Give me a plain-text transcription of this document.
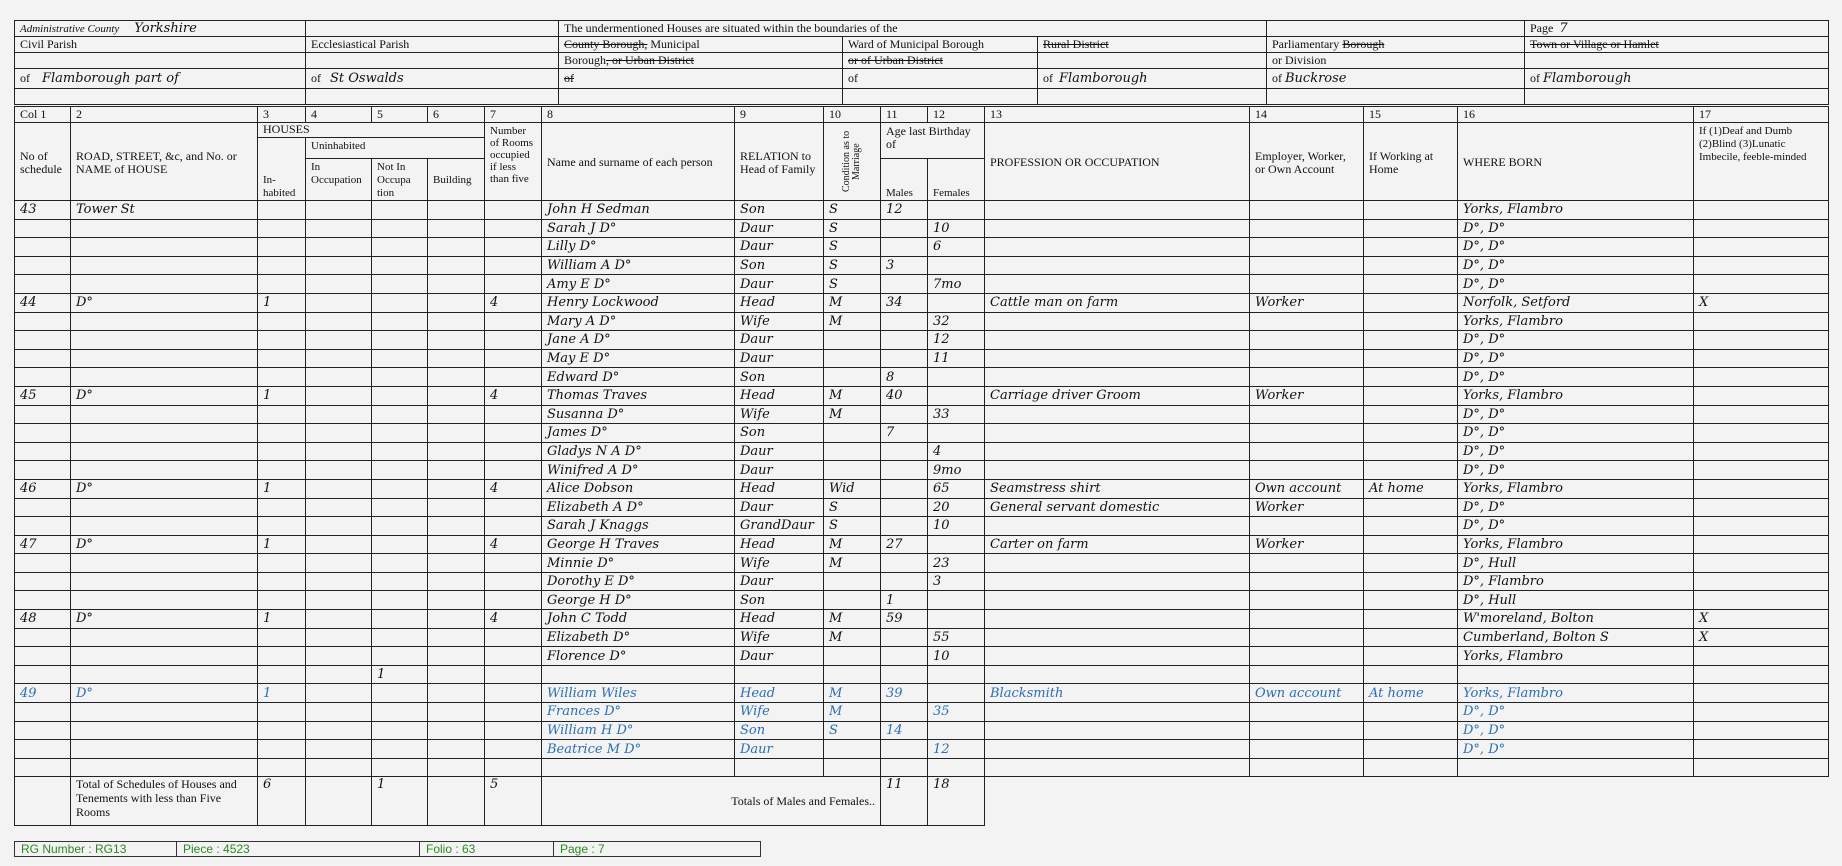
Administrative County Yorkshire		The undermentioned Houses are situated within the boundaries of the				Page 7
Civil Parish	Ecclesiastical Parish	County Borough, Municipal	Ward of Municipal Borough	Rural District	Parliamentary Borough	Town or Village or Hamlet
		Borough, or Urban District	or of Urban District		or Division	
of Flamborough part of	of St Oswalds	of	of	of Flamborough	of Buckrose	of Flamborough

Col 1	2	3	4	5	6	7	8	9	10	11	12	13	14	15	16	17
No of schedule	ROAD, STREET, &c, and No. or NAME of HOUSE	HOUSES				Number of Rooms occupied if less than five	Name and surname of each person	RELATION to Head of Family	Condition as to Marriage	Age last Birthday of		PROFESSION OR OCCUPATION	Employer, Worker, or Own Account	If Working at Home	WHERE BORN	If (1)Deaf and Dumb (2)Blind (3)Lunatic Imbecile, feeble-minded
		In-habited	Uninhabited													
			In Occupation	Not In Occupa tion	Building					Males	Females					
43	Tower St						John H Sedman	Son	S	12					Yorks, Flambro	
							Sarah J D°	Daur	S		10				D°, D°	
							Lilly D°	Daur	S		6				D°, D°	
							William A D°	Son	S	3					D°, D°	
							Amy E D°	Daur	S		7mo				D°, D°	
44	D°	1				4	Henry Lockwood	Head	M	34		Cattle man on farm	Worker		Norfolk, Setford	X
							Mary A D°	Wife	M		32				Yorks, Flambro	
							Jane A D°	Daur			12				D°, D°	
							May E D°	Daur			11				D°, D°	
							Edward D°	Son		8					D°, D°	
45	D°	1				4	Thomas Traves	Head	M	40		Carriage driver Groom	Worker		Yorks, Flambro	
							Susanna D°	Wife	M		33				D°, D°	
							James D°	Son		7					D°, D°	
							Gladys N A D°	Daur			4				D°, D°	
							Winifred A D°	Daur			9mo				D°, D°	
46	D°	1				4	Alice Dobson	Head	Wid		65	Seamstress shirt	Own account	At home	Yorks, Flambro	
							Elizabeth A D°	Daur	S		20	General servant domestic	Worker		D°, D°	
							Sarah J Knaggs	GrandDaur	S		10				D°, D°	
47	D°	1				4	George H Traves	Head	M	27		Carter on farm	Worker		Yorks, Flambro	
							Minnie D°	Wife	M		23				D°, Hull	
							Dorothy E D°	Daur			3				D°, Flambro	
							George H D°	Son		1					D°, Hull	
48	D°	1				4	John C Todd	Head	M	59					W'moreland, Bolton	X
							Elizabeth D°	Wife	M		55				Cumberland, Bolton S	X
							Florence D°	Daur			10				Yorks, Flambro	
				1												
49	D°	1					William Wiles	Head	M	39		Blacksmith	Own account	At home	Yorks, Flambro	
							Frances D°	Wife	M		35				D°, D°	
							William H D°	Son	S	14					D°, D°	
							Beatrice M D°	Daur			12				D°, D°	

	Total of Schedules of Houses and Tenements with less than Five Rooms	6		1		5	Totals of Males and Females..			11	18					
RG Number : RG13	Piece : 4523	Folio : 63	Page : 7
